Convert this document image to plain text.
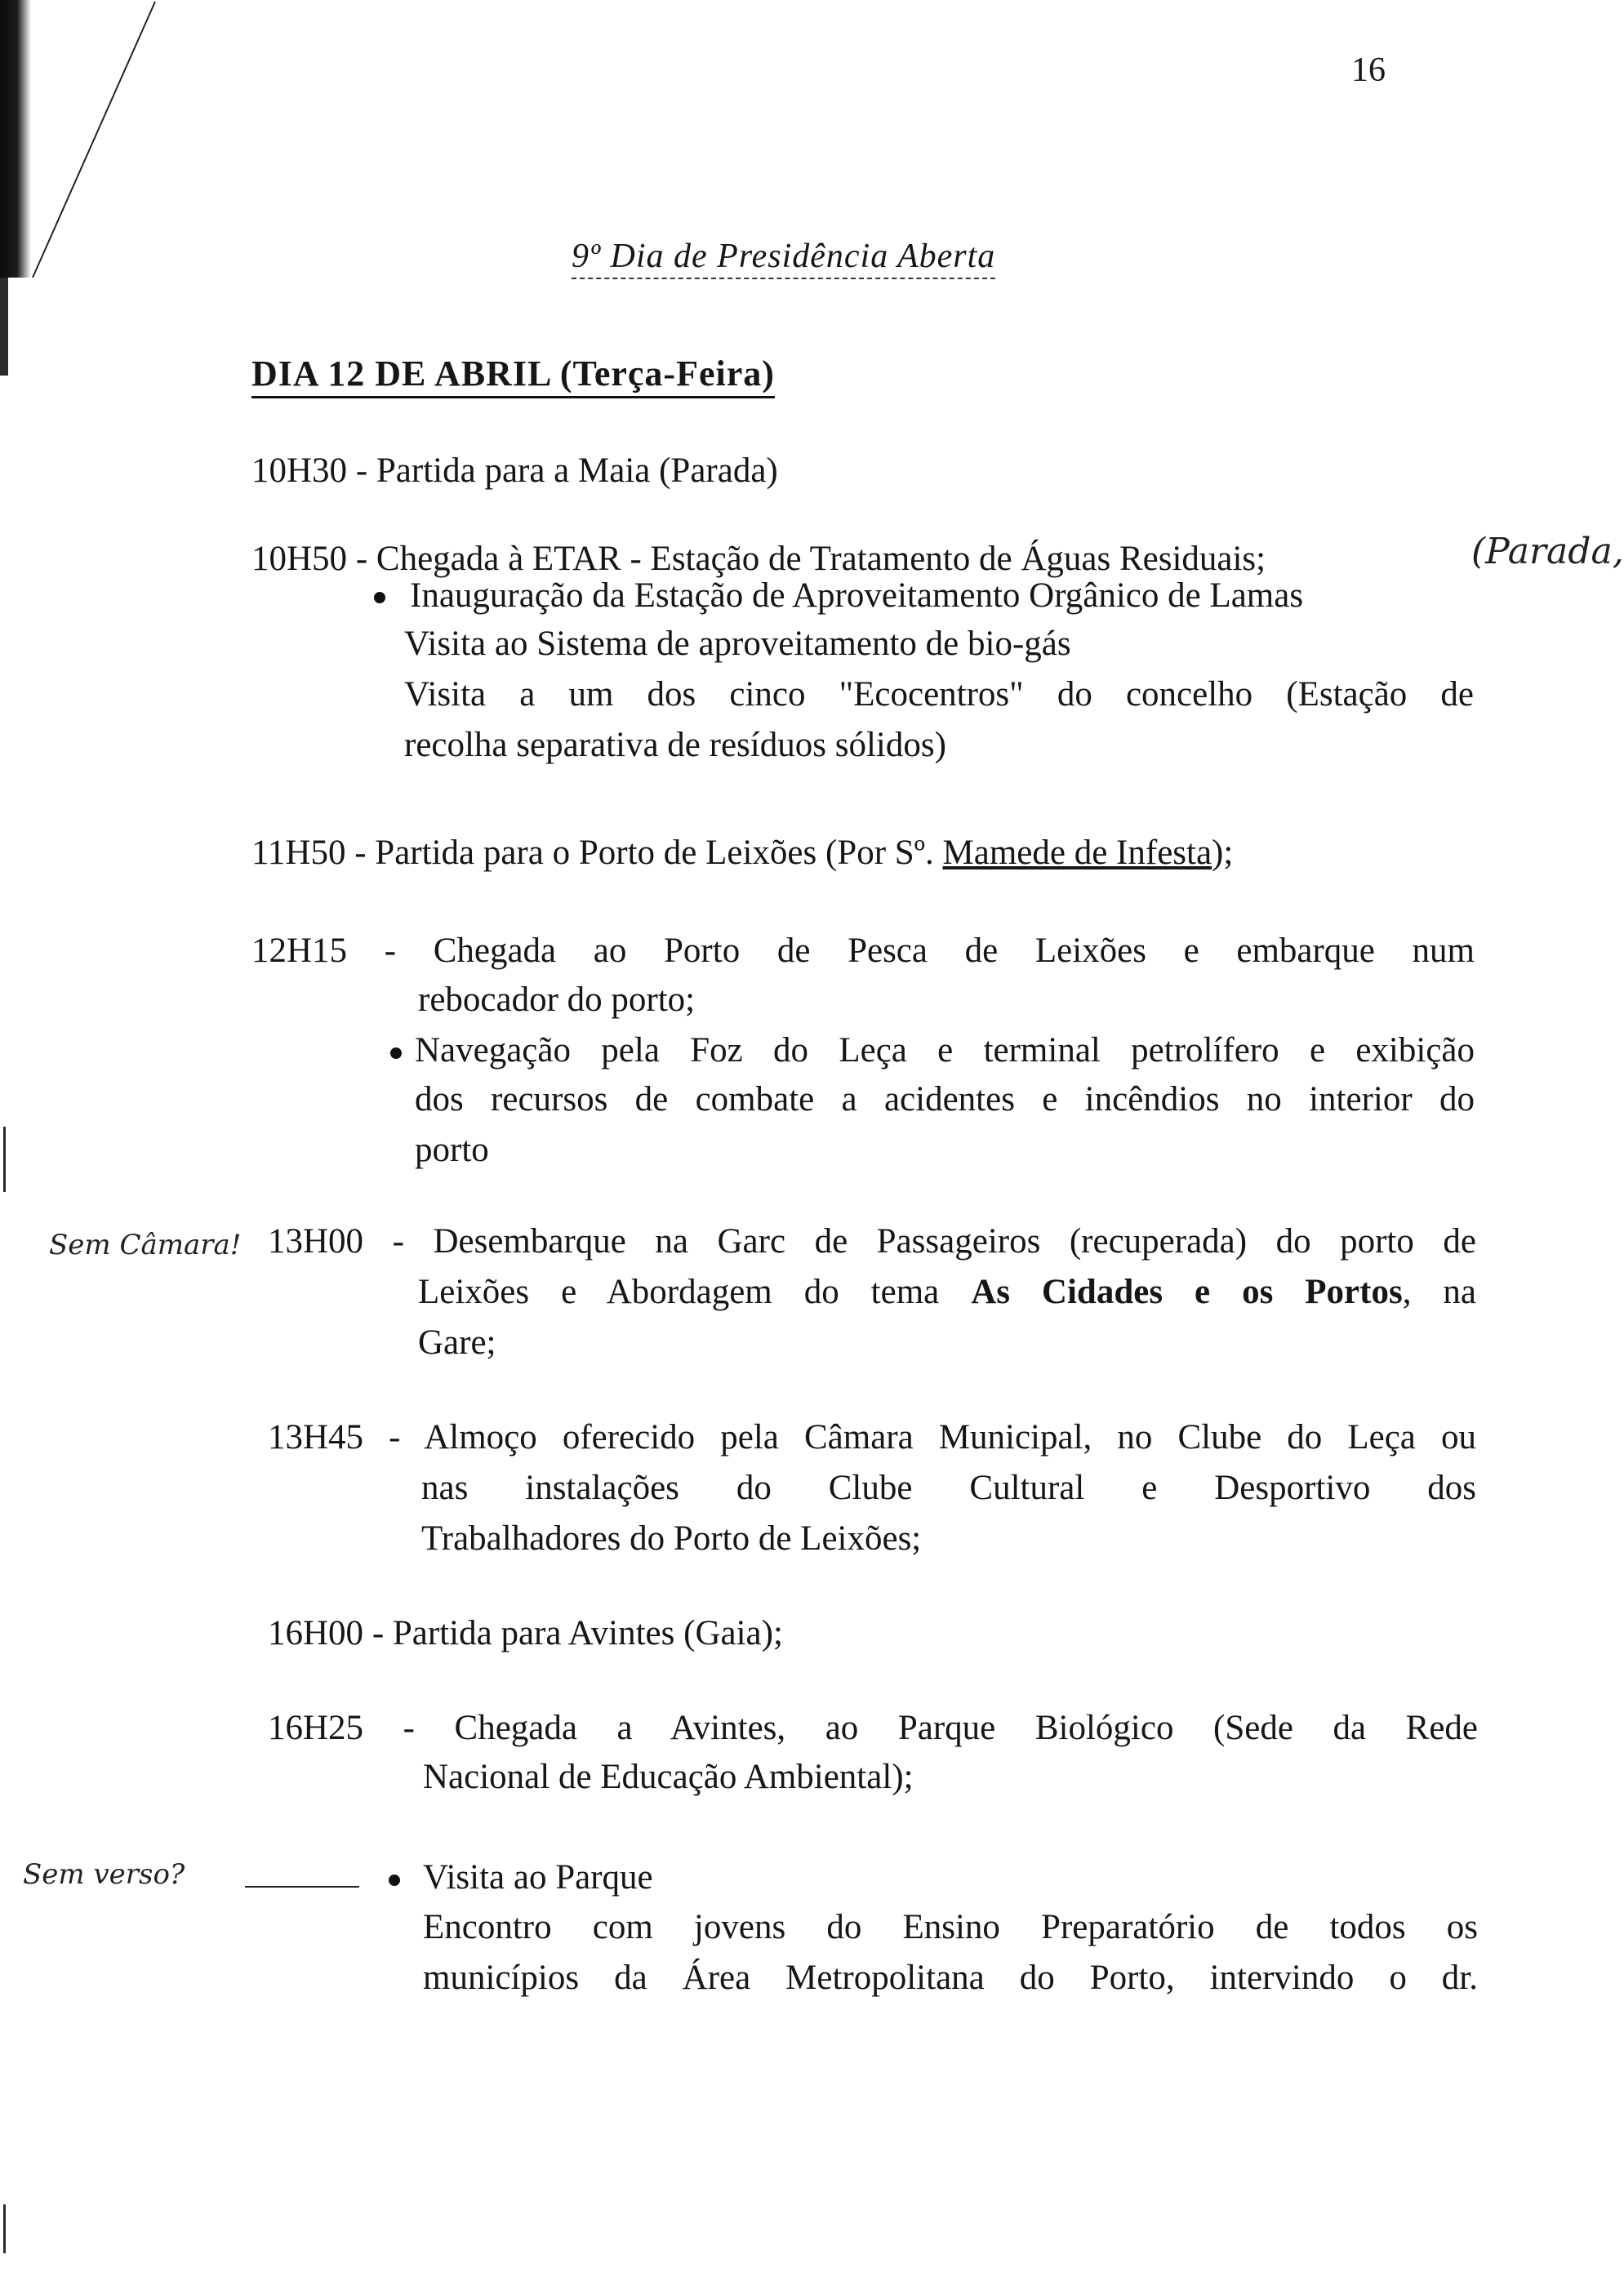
16
9º Dia de Presidência Aberta
DIA 12 DE ABRIL (Terça-Feira)
10H30 - Partida para a Maia (Parada)
10H50 - Chegada à ETAR - Estação de Tratamento de Águas Residuais;	(Parada,
Inauguração da Estação de Aproveitamento Orgânico de Lamas
Visita ao Sistema de aproveitamento de bio-gás
Visita a um dos cinco "Ecocentros" do concelho (Estação de
recolha separativa de resíduos sólidos)
11H50 - Partida para o Porto de Leixões (Por Sº. Mamede de Infesta);
12H15 - Chegada ao Porto de Pesca de Leixões e embarque num
rebocador do porto;
Navegação pela Foz do Leça e terminal petrolífero e exibição
dos recursos de combate a acidentes e incêndios no interior do
porto
Sem Câmara! 13H00 - Desembarque na Garc de Passageiros (recuperada) do porto de
Leixões e Abordagem do tema As Cidades e os Portos, na
Gare;
13H45 - Almoço oferecido pela Câmara Municipal, no Clube do Leça ou
nas instalações do Clube Cultural e Desportivo dos
Trabalhadores do Porto de Leixões;
16H00 - Partida para Avintes (Gaia);
16H25 - Chegada a Avintes, ao Parque Biológico (Sede da Rede
Nacional de Educação Ambiental);
Sem verso?	Visita ao Parque
Encontro com jovens do Ensino Preparatório de todos os
municípios da Área Metropolitana do Porto, intervindo o dr.
